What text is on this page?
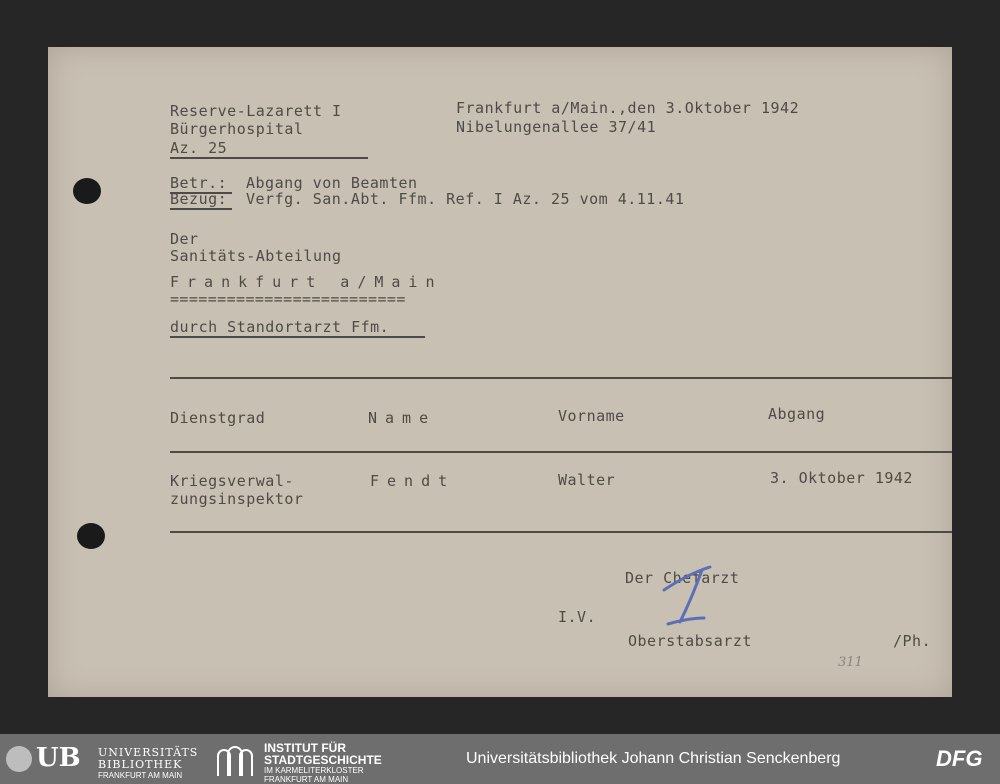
Reserve-Lazarett I
Bürgerhospital
Az. 25
Frankfurt a/Main.,den 3.Oktober 1942
Nibelungenallee 37/41
Betr.: Abgang von Beamten
Bezug: Verfg. San.Abt. Ffm. Ref. I Az. 25 vom 4.11.41
Der
Sanitäts-Abteilung
Frankfurt a/Main
=========================
durch Standortarzt Ffm.
Dienstgrad	Name	Vorname	Abgang
Kriegsverwal-
zungsinspektor
Fendt	Walter	3. Oktober 1942
Der Chefarzt
I.V.
Oberstabsarzt	/Ph.
311
UB UNIVERSITÄTS
BIBLIOTHEK
FRANKFURT AM MAIN
INSTITUT FÜR
STADTGESCHICHTE
IM KARMELITERKLOSTER
FRANKFURT AM MAIN
Universitätsbibliothek Johann Christian Senckenberg	DFG
